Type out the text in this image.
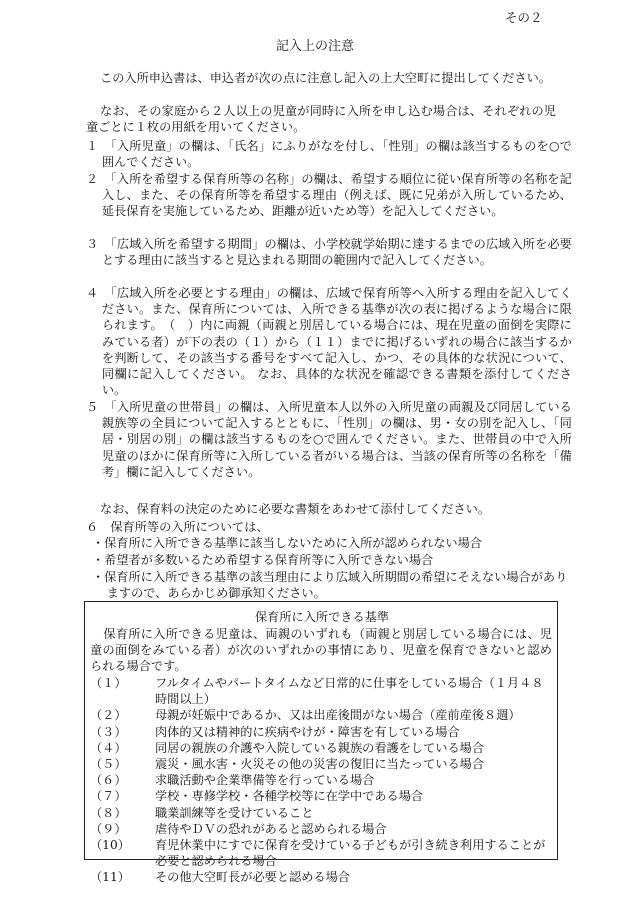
その２
記入上の注意
この入所申込書は、申込者が次の点に注意し記入の上大空町に提出してください。
なお、その家庭から２人以上の児童が同時に入所を申し込む場合は、それぞれの児童ごとに１枚の用紙を用いてください。
１　 「入所児童」の欄は、「氏名」にふりがなを付し、「性別」の欄は該当するものを○で囲んでください。
２　 「入所を希望する保育所等の名称」の欄は、希望する順位に従い保育所等の名称を記入し、また、その保育所等を希望する理由（例えば、既に兄弟が入所しているため、延長保育を実施しているため、距離が近いため等）を記入してください。
３　 「広域入所を希望する期間」の欄は、小学校就学始期に達するまでの広域入所を必要とする理由に該当すると見込まれる期間の範囲内で記入してください。
４　 「広域入所を必要とする理由」の欄は、広域で保育所等へ入所する理由を記入してください。また、保育所については、入所できる基準が次の表に掲げるような場合に限られます。　（　）内に両親（両親と別居している場合には、現在児童の面倒を実際にみている者）が下の表の（１）から（１１）までに掲げるいずれの場合に該当するかを判断して、その該当する番号をすべて記入し、かつ、その具体的な状況について、同欄に記入してください。 なお、具体的な状況を確認できる書類を添付してください。
５　 「入所児童の世帯員」の欄は、入所児童本人以外の入所児童の両親及び同居している親族等の全員について記入するとともに、「性別」の欄は、男・女の別を記入し、「同居・別居の別」の欄は該当するものを○で囲んでください。また、世帯員の中で入所児童のほかに保育所等に入所している者がいる場合は、当該の保育所等の名称を「備考」欄に記入してください。
なお、保育料の決定のために必要な書類をあわせて添付してください。
６　 保育所等の入所については、
・保育所に入所できる基準に該当しないために入所が認められない場合
・希望者が多数いるため希望する保育所等に入所できない場合
・保育所に入所できる基準の該当理由により広域入所期間の希望にそえない場合がありますので、あらかじめ御承知ください。
保育所に入所できる基準
保育所に入所できる児童は、両親のいずれも（両親と別居している場合には、児童の面倒をみている者）が次のいずれかの事情にあり、児童を保育できないと認められる場合です。
（１）	フルタイムやパートタイムなど日常的に仕事をしている場合（１月４８時間以上）
（２）	母親が妊娠中であるか、又は出産後間がない場合（産前産後８週）
（３）	肉体的又は精神的に疾病やけが・障害を有している場合
（４）	同居の親族の介護や入院している親族の看護をしている場合
（５）	震災・風水害・火災その他の災害の復旧に当たっている場合
（６）	求職活動や企業準備等を行っている場合
（７）	学校・専修学校・各種学校等に在学中である場合
（８）	職業訓練等を受けていること
（９）	虐待やＤＶの恐れがあると認められる場合
（10）	育児休業中にすでに保育を受けている子どもが引き続き利用することが必要と認められる場合
（11）	その他大空町長が必要と認める場合
